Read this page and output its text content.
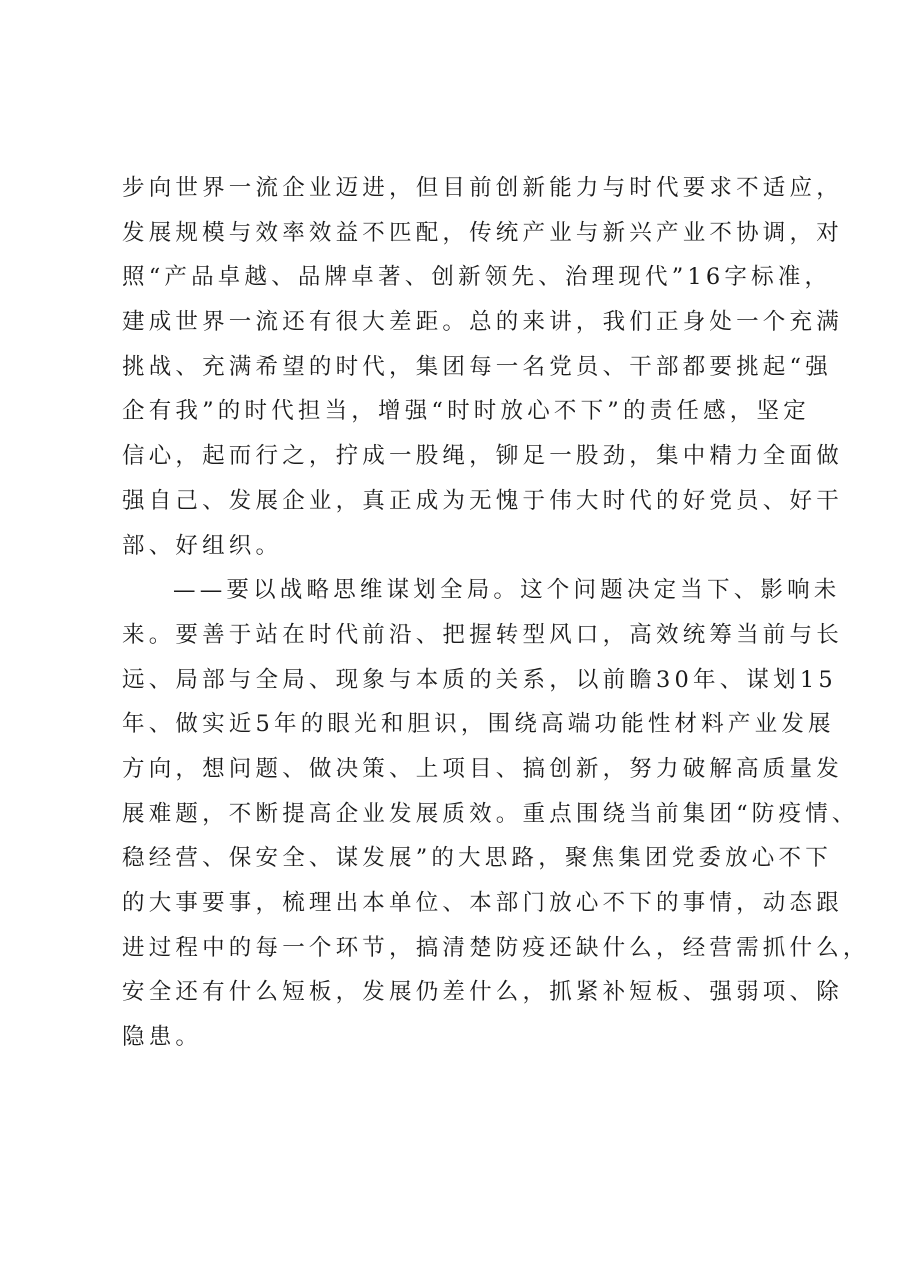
步向世界一流企业迈进，但目前创新能力与时代要求不适应，
发展规模与效率效益不匹配，传统产业与新兴产业不协调，对
照“产品卓越、品牌卓著、创新领先、治理现代”16字标准，
建成世界一流还有很大差距。总的来讲，我们正身处一个充满
挑战、充满希望的时代，集团每一名党员、干部都要挑起“强
企有我”的时代担当，增强“时时放心不下”的责任感，坚定
信心，起而行之，拧成一股绳，铆足一股劲，集中精力全面做
强自己、发展企业，真正成为无愧于伟大时代的好党员、好干
部、好组织。
——要以战略思维谋划全局。这个问题决定当下、影响未
来。要善于站在时代前沿、把握转型风口，高效统筹当前与长
远、局部与全局、现象与本质的关系，以前瞻30年、谋划15
年、做实近5年的眼光和胆识，围绕高端功能性材料产业发展
方向，想问题、做决策、上项目、搞创新，努力破解高质量发
展难题，不断提高企业发展质效。重点围绕当前集团“防疫情、
稳经营、保安全、谋发展”的大思路，聚焦集团党委放心不下
的大事要事，梳理出本单位、本部门放心不下的事情，动态跟
进过程中的每一个环节，搞清楚防疫还缺什么，经营需抓什么，
安全还有什么短板，发展仍差什么，抓紧补短板、强弱项、除
隐患。
